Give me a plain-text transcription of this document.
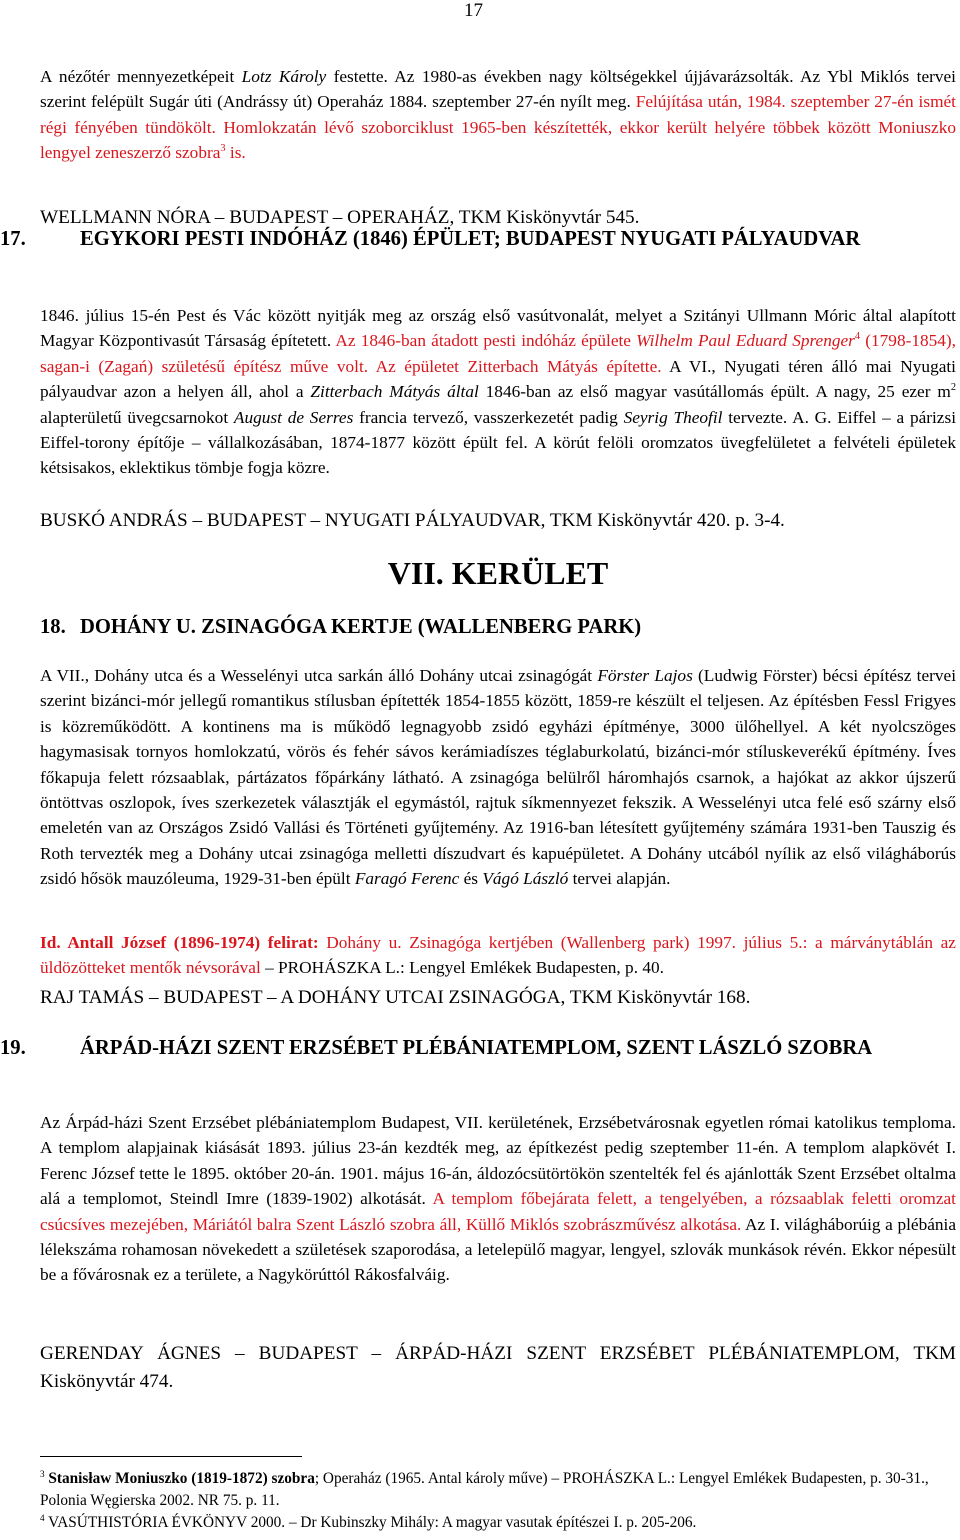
17

A nézőtér mennyezetképeit Lotz Károly festette. Az 1980-as években nagy költségekkel újjávarázsolták. Az Ybl Miklós tervei szerint felépült Sugár úti (Andrássy út) Operaház 1884. szeptember 27-én nyílt meg. Felújítása után, 1984. szeptember 27-én ismét régi fényében tündökölt. Homlokzatán lévő szoborciklust 1965-ben készítették, ekkor került helyére többek között Moniuszko lengyel zeneszerző szobra$^3$ is.

WELLMANN NÓRA – BUDAPEST – OPERAHÁZ, TKM Kiskönyvtár 545.

17.	EGYKORI PESTI INDÓHÁZ (1846) ÉPÜLET; BUDAPEST NYUGATI PÁLYAUDVAR

1846. július 15-én Pest és Vác között nyitják meg az ország első vasútvonalát, melyet a Szitányi Ullmann Móric által alapított Magyar Központivasút Társaság építetett. Az 1846-ban átadott pesti indóház épülete Wilhelm Paul Eduard Sprenger$^4$ (1798-1854), sagan-i (Zagań) születésű építész műve volt. Az épületet Zitterbach Mátyás építette. A VI., Nyugati téren álló mai Nyugati pályaudvar azon a helyen áll, ahol a Zitterbach Mátyás által 1846-ban az első magyar vasútállomás épült. A nagy, 25 ezer $m^2$ alapterületű üvegcsarnokot August de Serres francia tervező, vasszerkezetét padig Seyrig Theofil tervezte. A. G. Eiffel – a párizsi Eiffel-torony építője – vállalkozásában, 1874-1877 között épült fel. A körút felöli oromzatos üvegfelületet a felvételi épületek kétsisakos, eklektikus tömbje fogja közre.

BUSKÓ ANDRÁS – BUDAPEST – NYUGATI PÁLYAUDVAR, TKM Kiskönyvtár 420. p. 3-4.

VII. KERÜLET
18. DOHÁNY U. ZSINAGÓGA KERTJE (WALLENBERG PARK)

A VII., Dohány utca és a Wesselényi utca sarkán álló Dohány utcai zsinagógát Förster Lajos (Ludwig Förster) bécsi építész tervei szerint bizánci-mór jellegű romantikus stílusban építették 1854-1855 között, 1859-re készült el teljesen. Az építésben Fessl Frigyes is közreműködött. A kontinens ma is működő legnagyobb zsidó egyházi építménye, 3000 ülőhellyel. A két nyolcszöges hagymasisak tornyos homlokzatú, vörös és fehér sávos kerámiadíszes téglaburkolatú, bizánci-mór stíluskeverékű építmény. Íves főkapuja felett rózsaablak, pártázatos főpárkány látható. A zsinagóga belülről háromhajós csarnok, a hajókat az akkor újszerű öntöttvas oszlopok, íves szerkezetek választják el egymástól, rajtuk síkmennyezet fekszik. A Wesselényi utca felé eső szárny első emeletén van az Országos Zsidó Vallási és Történeti gyűjtemény. Az 1916-ban létesített gyűjtemény számára 1931-ben Tauszig és Roth tervezték meg a Dohány utcai zsinagóga melletti díszudvart és kapuépületet. A Dohány utcából nyílik az első világháborús zsidó hősök mauzóleuma, 1929-31-ben épült Faragó Ferenc és Vágó László tervei alapján.

Id. Antall József (1896-1974) felirat: Dohány u. Zsinagóga kertjében (Wallenberg park) 1997. július 5.: a márványtáblán az üldözötteket mentők névsorával – PROHÁSZKA L.: Lengyel Emlékek Budapesten, p. 40.

RAJ TAMÁS – BUDAPEST – A DOHÁNY UTCAI ZSINAGÓGA, TKM Kiskönyvtár 168.

19.	ÁRPÁD-HÁZI SZENT ERZSÉBET PLÉBÁNIATEMPLOM, SZENT LÁSZLÓ SZOBRA

Az Árpád-házi Szent Erzsébet plébániatemplom Budapest, VII. kerületének, Erzsébetvárosnak egyetlen római katolikus temploma. A templom alapjainak kiásását 1893. július 23-án kezdték meg, az építkezést pedig szeptember 11-én. A templom alapkövét I. Ferenc József tette le 1895. október 20-án. 1901. május 16-án, áldozócsütörtökön szentelték fel és ajánlották Szent Erzsébet oltalma alá a templomot, Steindl Imre (1839-1902) alkotását. A templom főbejárata felett, a tengelyében, a rózsaablak feletti oromzat csúcsíves mezejében, Máriától balra Szent László szobra áll, Küllő Miklós szobrászművész alkotása. Az I. világháborúig a plébánia lélekszáma rohamosan növekedett a születések szaporodása, a letelepülő magyar, lengyel, szlovák munkások révén. Ekkor népesült be a fővárosnak ez a területe, a Nagykörúttól Rákosfalváig.

GERENDAY ÁGNES – BUDAPEST – ÁRPÁD-HÁZI SZENT ERZSÉBET PLÉBÁNIATEMPLOM, TKM Kiskönyvtár 474.

$^3$ Stanisław Moniuszko (1819-1872) szobra; Operaház (1965. Antal károly műve) – PROHÁSZKA L.: Lengyel Emlékek Budapesten, p. 30-31., Polonia Węgierska 2002. NR 75. p. 11.

$^4$ VASÚTHISTÓRIA ÉVKÖNYV 2000. – Dr Kubinszky Mihály: A magyar vasutak építészei I. p. 205-206.
